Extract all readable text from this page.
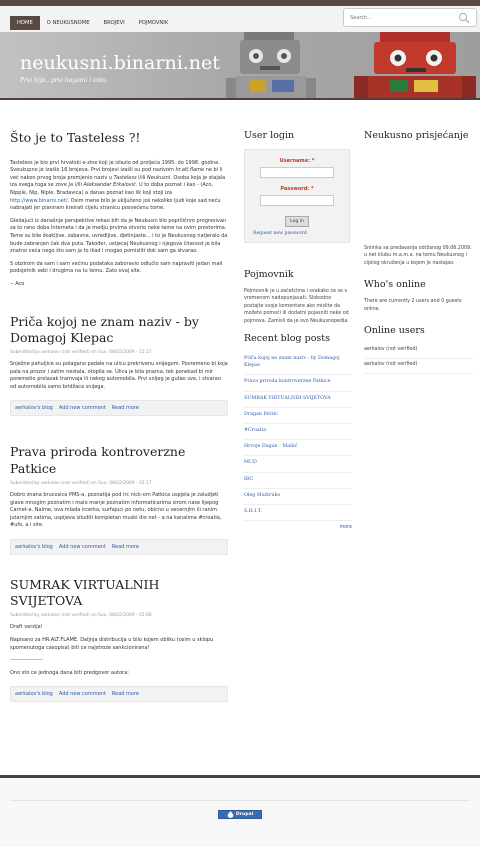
HOME	O NEUKUSNOME	BROJEVI	POJMOVNIK
Search...
neukusni.binarni.net
Prvi bijo...prvi bogami i osto.
Što je to Tasteless ?!

Tasteless je bio prvi hrvatski e-zine koji je izlazio od proljeća 1995. do 1998. godine. Sveukupno je izašlo 16 brojeva. Prvi brojevi izašli su pod nazivom hr.alt.flame ne bi li već nakon prvog broja promjenio naziv u Tasteless i/ili Neukusni. Osoba koja je stajala iza svega toga se zove Ja i/ili Aleksandar Erkalović. U to doba poznat i kao - (Aco, Nipple, Nip, Niple, Bradavica) a danas poznat kao lik koji stoji iza http://www.binarni.net/. Osim mene bilo je uključeno još nekoliko ljudi koje sad neću nabrajati jer planiram kreirati cijelu stranicu posvećenu tome.

Gledajući iz današnje perspektive rekao bih da je Neukusni bio popriličnro progresivan za to rano doba Interneta i da je medju prvima otvorio neke teme na ovim prostorima. Teme su bile škakljive, zabavne, uvredljive, djetinjaste... i to je Neukusnog natjeralo da bude zabranjen čak dva puta. Također, ustjecaj Neukusnog i njegova čitanost je bila znatno veća nego što sam ja to ikad i mogao pomisliti dok sam ga stvarao.

S obzirom da sam i sam većinu podataka zaboravio odlučio sam napraviti jedan mali podsjetnik sebi i drugima na tu temu. Zato ovaj site.

-- Aco

Priča kojoj ne znam naziv - by Domagoj Klepac
Submitted by aerkalov (not verified) on Sun, 08/02/2009 - 15:27

Snježne pahuljice su polagano padale na ulicu prekrivenu snijegom. Povremeno bi koja pala na prozor i zatim nestala, otopila se. Ulica je bila prazna, tek ponekad bi mir poremetio prolazak tramvaja ili nekog automobila. Prvi snijeg je gutao sve, i stvarao od automobila samo bridžaca snijega.

aerkalov's blog Add new comment Read more
Prava priroda kontroverzne Patkice
Submitted by aerkalov (not verified) on Sun, 08/02/2009 - 15:17

Dobro znana brucosica PMS-a, poznatija pod irc nick-om Patkica uspjela je zaludjeti glave mnogim poznatim i malo manje poznatim informaticarima sirom nase lijepog Carnet-a. Naime, ova mlada ircerka, surfajuci po netu, obicno u vecernjim ili ranim jutarnjim satima, uspijeva izluditi kompletan muski dio net - a na kanalima #croatia, #ufo, a i sire.

aerkalov's blog Add new comment Read more
SUMRAK VIRTUALNIH SVIJETOVA
Submitted by aerkalov (not verified) on Sun, 08/02/2009 - 15:08

Draft verzija!

Napisano za HR.ALT.FLAME. Daljnja distribucija u bilo kojem obliku (osim u sklopu spomenutoga casopisa) biti ce najstroze sankcionirana!

------------------

Ono sto ce jednoga dana biti predgovor autora:

aerkalov's blog Add new comment Read more
User login
Username: *
Password: *
Log in
Request new password
Pojmovnik

Pojmovnik je u začetcima i svakako će se s vremenom nadopunjavati. Slobodno postajte svoje komentare ako mislite da možete pomoći ili dodatni pojasniti neke od pojmova. Zamisli da je ovo Neukusnopedia.

Recent blog posts
Priča kojoj ne znam naziv - by Domagoj Klepac
Prava priroda kontroverzne Patkice
SUMRAK VIRTUALNIH SVIJETOVA
Dragan Petric
#Croatia
Hrvoje Dagan - Mailić
MUD
IRC
Oleg Maštruko
S.H.I.T.
more
Neukusno prisjećanje

Snimka sa predavanja održanog 09.06.2009. u net klubu m.a.m.a. na temu Neukusnog i cijelog okruženja u kojem je nastajao.

Who's online

There are currently 2 users and 0 guests online.

Online users
aerkalov (not verified)
aerkalov (not verified)
Drupal
